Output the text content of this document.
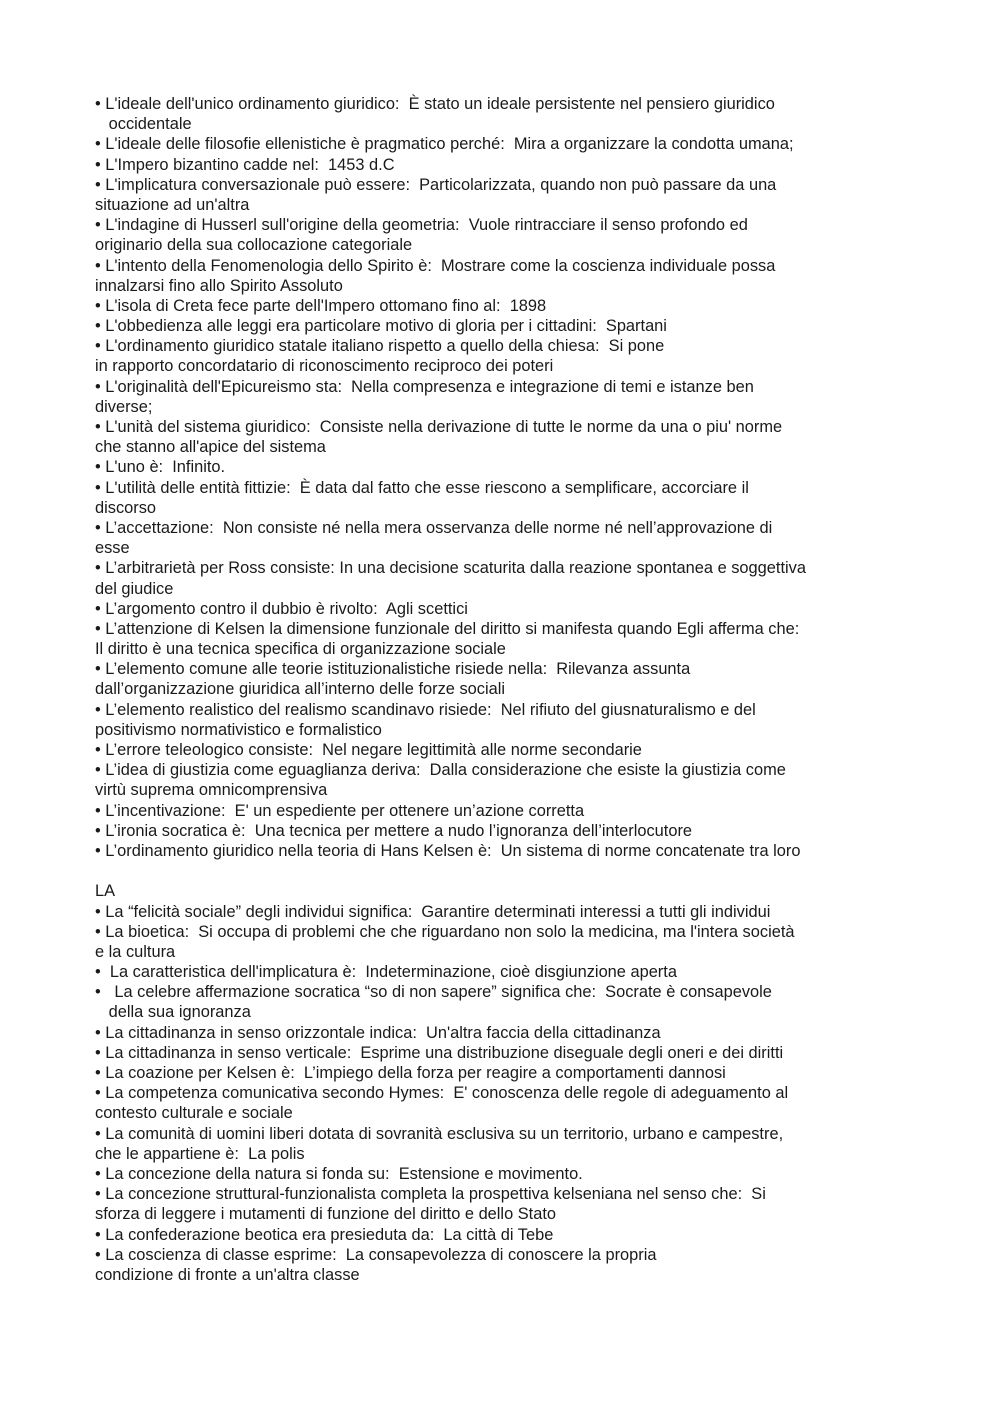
• L'ideale dell'unico ordinamento giuridico:  È stato un ideale persistente nel pensiero giuridico
occidentale
• L'ideale delle filosofie ellenistiche è pragmatico perché:  Mira a organizzare la condotta umana;
• L'Impero bizantino cadde nel:  1453 d.C
• L'implicatura conversazionale può essere:  Particolarizzata, quando non può passare da una
situazione ad un'altra
• L'indagine di Husserl sull'origine della geometria:  Vuole rintracciare il senso profondo ed
originario della sua collocazione categoriale
• L'intento della Fenomenologia dello Spirito è:  Mostrare come la coscienza individuale possa
innalzarsi fino allo Spirito Assoluto
• L'isola di Creta fece parte dell'Impero ottomano fino al:  1898
• L'obbedienza alle leggi era particolare motivo di gloria per i cittadini:  Spartani
• L'ordinamento giuridico statale italiano rispetto a quello della chiesa:  Si pone
in rapporto concordatario di riconoscimento reciproco dei poteri
• L'originalità dell'Epicureismo sta:  Nella compresenza e integrazione di temi e istanze ben
diverse;
• L'unità del sistema giuridico:  Consiste nella derivazione di tutte le norme da una o piu' norme
che stanno all'apice del sistema
• L'uno è:  Infinito.
• L'utilità delle entità fittizie:  È data dal fatto che esse riescono a semplificare, accorciare il
discorso
• L’accettazione:  Non consiste né nella mera osservanza delle norme né nell’approvazione di
esse
• L’arbitrarietà per Ross consiste: In una decisione scaturita dalla reazione spontanea e soggettiva
del giudice
• L’argomento contro il dubbio è rivolto:  Agli scettici
• L’attenzione di Kelsen la dimensione funzionale del diritto si manifesta quando Egli afferma che:
Il diritto è una tecnica specifica di organizzazione sociale
• L’elemento comune alle teorie istituzionalistiche risiede nella:  Rilevanza assunta
dall’organizzazione giuridica all’interno delle forze sociali
• L’elemento realistico del realismo scandinavo risiede:  Nel rifiuto del giusnaturalismo e del
positivismo normativistico e formalistico
• L’errore teleologico consiste:  Nel negare legittimità alle norme secondarie
• L’idea di giustizia come eguaglianza deriva:  Dalla considerazione che esiste la giustizia come
virtù suprema omnicomprensiva
• L’incentivazione:  E' un espediente per ottenere un’azione corretta
• L’ironia socratica è:  Una tecnica per mettere a nudo l’ignoranza dell’interlocutore
• L’ordinamento giuridico nella teoria di Hans Kelsen è:  Un sistema di norme concatenate tra loro
LA
• La “felicità sociale” degli individui significa:  Garantire determinati interessi a tutti gli individui
• La bioetica:  Si occupa di problemi che che riguardano non solo la medicina, ma l'intera società
e la cultura
•  La caratteristica dell'implicatura è:  Indeterminazione, cioè disgiunzione aperta
•   La celebre affermazione socratica “so di non sapere” significa che:  Socrate è consapevole
della sua ignoranza
• La cittadinanza in senso orizzontale indica:  Un'altra faccia della cittadinanza
• La cittadinanza in senso verticale:  Esprime una distribuzione diseguale degli oneri e dei diritti
• La coazione per Kelsen è:  L’impiego della forza per reagire a comportamenti dannosi
• La competenza comunicativa secondo Hymes:  E' conoscenza delle regole di adeguamento al
contesto culturale e sociale
• La comunità di uomini liberi dotata di sovranità esclusiva su un territorio, urbano e campestre,
che le appartiene è:  La polis
• La concezione della natura si fonda su:  Estensione e movimento.
• La concezione struttural-funzionalista completa la prospettiva kelseniana nel senso che:  Si
sforza di leggere i mutamenti di funzione del diritto e dello Stato
• La confederazione beotica era presieduta da:  La città di Tebe
• La coscienza di classe esprime:  La consapevolezza di conoscere la propria
condizione di fronte a un'altra classe
